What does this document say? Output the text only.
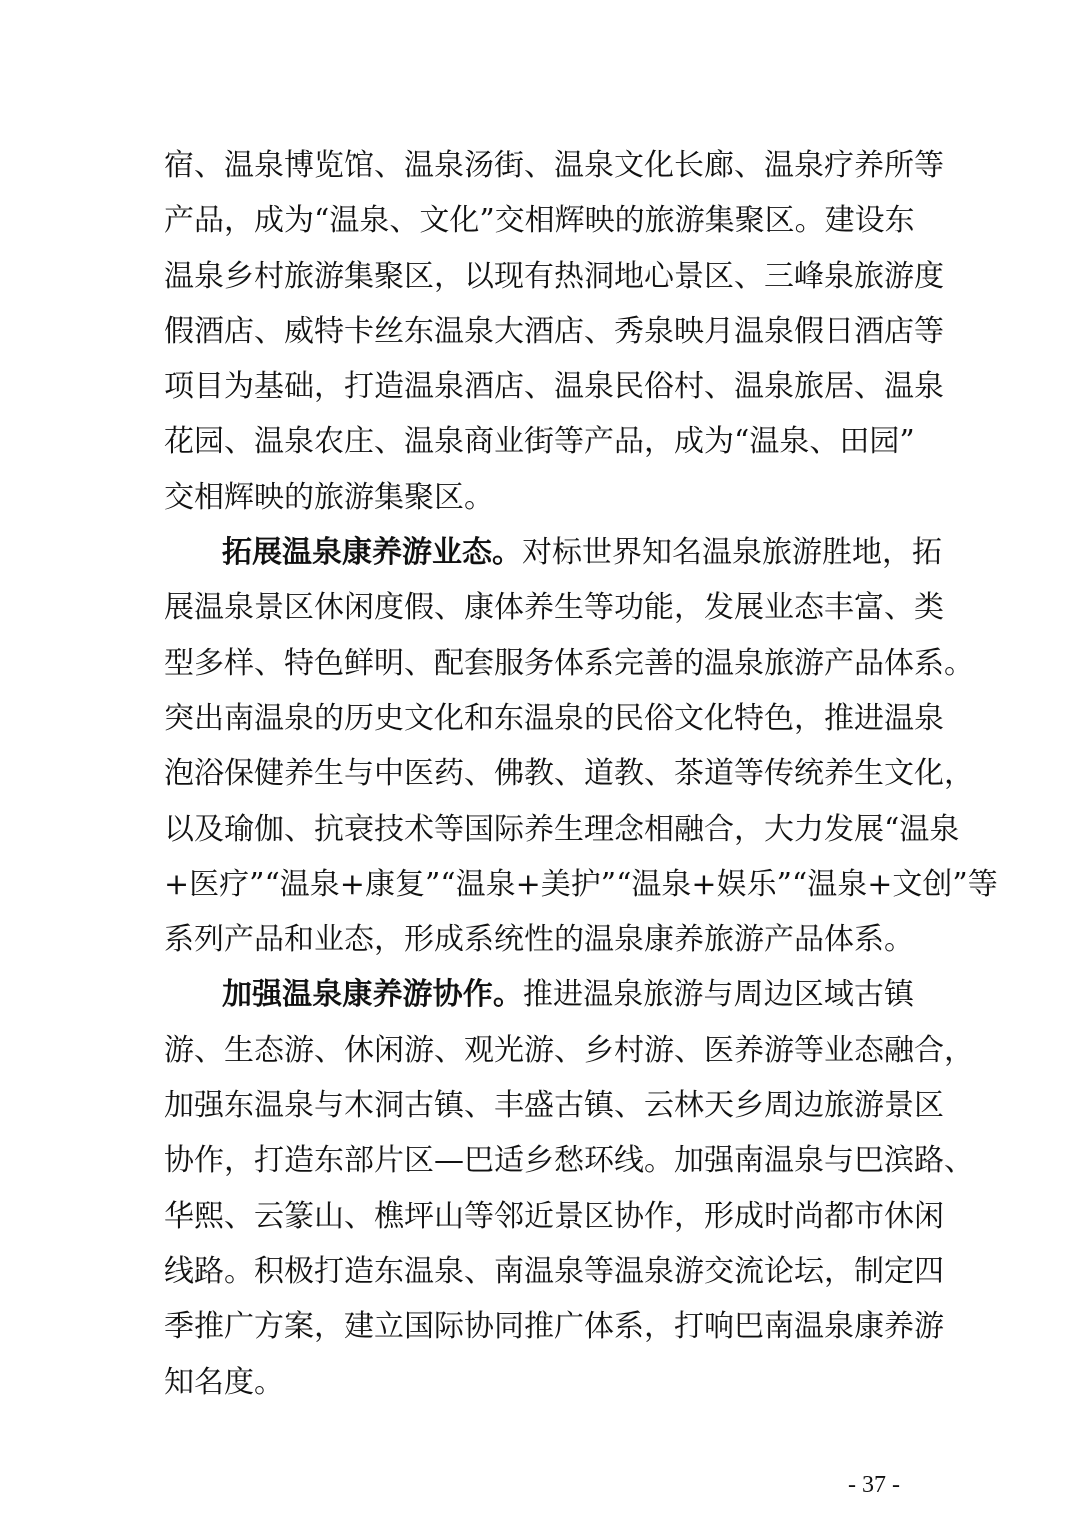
宿、温泉博览馆、温泉汤街、温泉文化长廊、温泉疗养所等
产品，成为“温泉、文化”交相辉映的旅游集聚区。建设东
温泉乡村旅游集聚区，以现有热洞地心景区、三峰泉旅游度
假酒店、威特卡丝东温泉大酒店、秀泉映月温泉假日酒店等
项目为基础，打造温泉酒店、温泉民俗村、温泉旅居、温泉
花园、温泉农庄、温泉商业街等产品，成为“温泉、田园”
交相辉映的旅游集聚区。
拓展温泉康养游业态。对标世界知名温泉旅游胜地，拓
展温泉景区休闲度假、康体养生等功能，发展业态丰富、类
型多样、特色鲜明、配套服务体系完善的温泉旅游产品体系。
突出南温泉的历史文化和东温泉的民俗文化特色，推进温泉
泡浴保健养生与中医药、佛教、道教、茶道等传统养生文化，
以及瑜伽、抗衰技术等国际养生理念相融合，大力发展“温泉
+医疗”“温泉+康复”“温泉+美护”“温泉+娱乐”“温泉+文创”等
系列产品和业态，形成系统性的温泉康养旅游产品体系。
加强温泉康养游协作。推进温泉旅游与周边区域古镇
游、生态游、休闲游、观光游、乡村游、医养游等业态融合，
加强东温泉与木洞古镇、丰盛古镇、云林天乡周边旅游景区
协作，打造东部片区—巴适乡愁环线。加强南温泉与巴滨路、
华熙、云篆山、樵坪山等邻近景区协作，形成时尚都市休闲
线路。积极打造东温泉、南温泉等温泉游交流论坛，制定四
季推广方案，建立国际协同推广体系，打响巴南温泉康养游
知名度。
- 37 -
